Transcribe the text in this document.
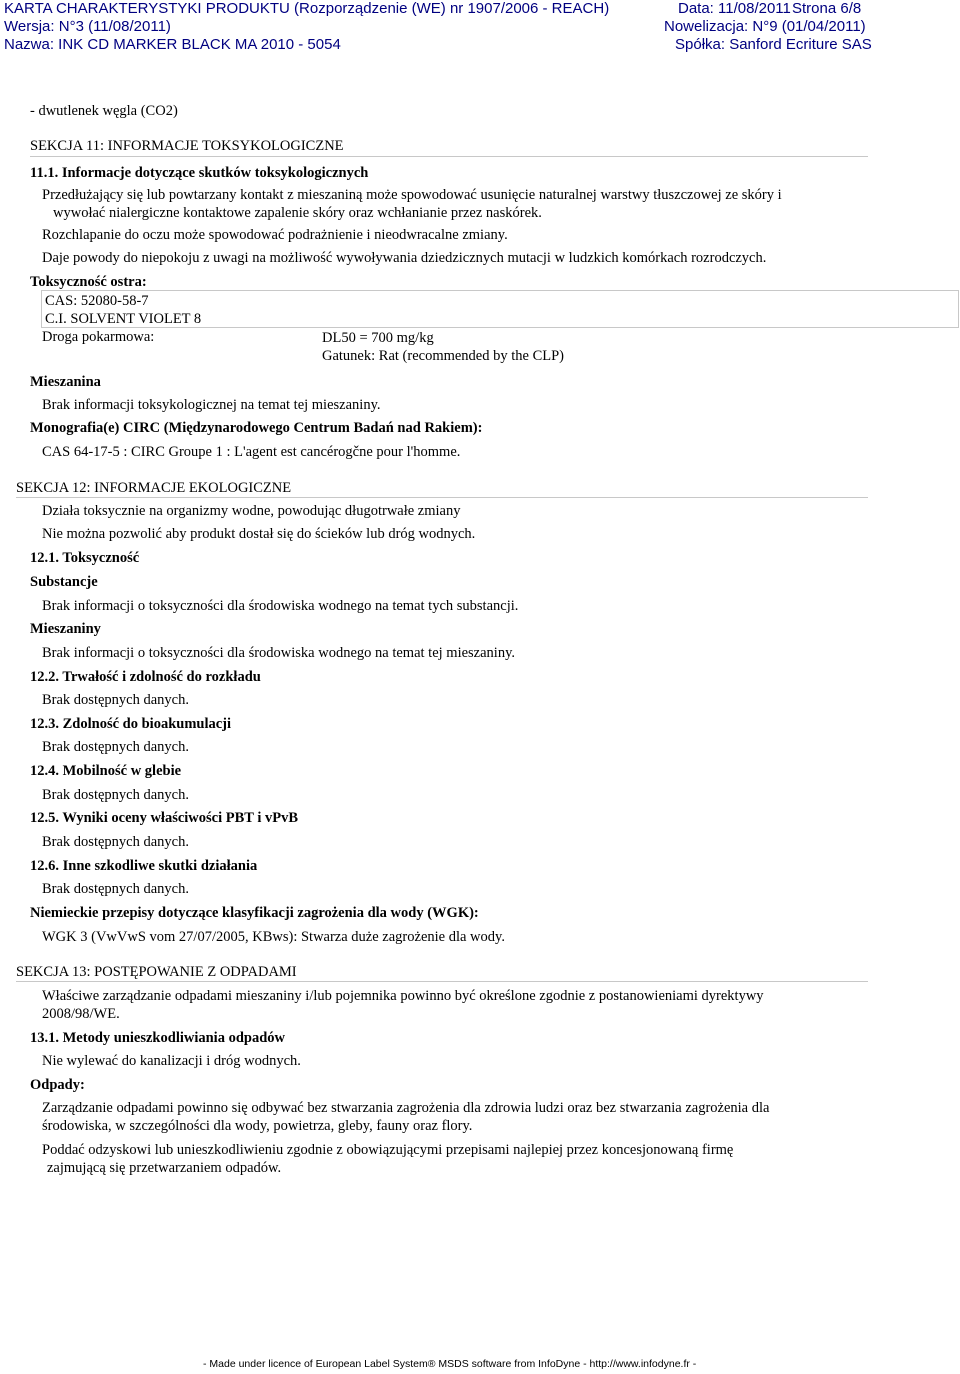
KARTA CHARAKTERYSTYKI PRODUKTU (Rozporządzenie (WE) nr 1907/2006 - REACH)	Data: 11/08/2011 Strona 6/8
Wersja: N°3 (11/08/2011)	Nowelizacja: N°9 (01/04/2011)
Nazwa: INK CD MARKER BLACK MA 2010 - 5054	Spółka: Sanford Ecriture SAS
- dwutlenek węgla (CO2)
SEKCJA 11: INFORMACJE TOKSYKOLOGICZNE
11.1. Informacje dotyczące skutków toksykologicznych
Przedłużający się lub powtarzany kontakt z mieszaniną może spowodować usunięcie naturalnej warstwy tłuszczowej ze skóry i
wywołać nialergiczne kontaktowe zapalenie skóry oraz wchłanianie przez naskórek.
Rozchlapanie do oczu może spowodować podrażnienie i nieodwracalne zmiany.
Daje powody do niepokoju z uwagi na możliwość wywoływania dziedzicznych mutacji w ludzkich komórkach rozrodczych.
Toksyczność ostra:
CAS: 52080-58-7
C.I. SOLVENT VIOLET 8
Droga pokarmowa:	DL50 = 700 mg/kg
Gatunek: Rat (recommended by the CLP)
Mieszanina
Brak informacji toksykologicznej na temat tej mieszaniny.
Monografia(e) CIRC (Międzynarodowego Centrum Badań nad Rakiem):
CAS 64-17-5 : CIRC Groupe 1 : L'agent est cancérogčne pour l'homme.
SEKCJA 12: INFORMACJE EKOLOGICZNE
Działa toksycznie na organizmy wodne, powodując długotrwałe zmiany
Nie można pozwolić aby produkt dostał się do ścieków lub dróg wodnych.
12.1. Toksyczność
Substancje
Brak informacji o toksyczności dla środowiska wodnego na temat tych substancji.
Mieszaniny
Brak informacji o toksyczności dla środowiska wodnego na temat tej mieszaniny.
12.2. Trwałość i zdolność do rozkładu
Brak dostępnych danych.
12.3. Zdolność do bioakumulacji
Brak dostępnych danych.
12.4. Mobilność w glebie
Brak dostępnych danych.
12.5. Wyniki oceny właściwości PBT i vPvB
Brak dostępnych danych.
12.6. Inne szkodliwe skutki działania
Brak dostępnych danych.
Niemieckie przepisy dotyczące klasyfikacji zagrożenia dla wody (WGK):
WGK 3 (VwVwS vom 27/07/2005, KBws): Stwarza duże zagrożenie dla wody.
SEKCJA 13: POSTĘPOWANIE Z ODPADAMI
Właściwe zarządzanie odpadami mieszaniny i/lub pojemnika powinno być określone zgodnie z postanowieniami dyrektywy
2008/98/WE.
13.1. Metody unieszkodliwiania odpadów
Nie wylewać do kanalizacji i dróg wodnych.
Odpady:
Zarządzanie odpadami powinno się odbywać bez stwarzania zagrożenia dla zdrowia ludzi oraz bez stwarzania zagrożenia dla
środowiska, w szczególności dla wody, powietrza, gleby, fauny oraz flory.
Poddać odzyskowi lub unieszkodliwieniu zgodnie z obowiązującymi przepisami najlepiej przez koncesjonowaną firmę
zajmującą się przetwarzaniem odpadów.
- Made under licence of European Label System® MSDS software from InfoDyne - http://www.infodyne.fr -
